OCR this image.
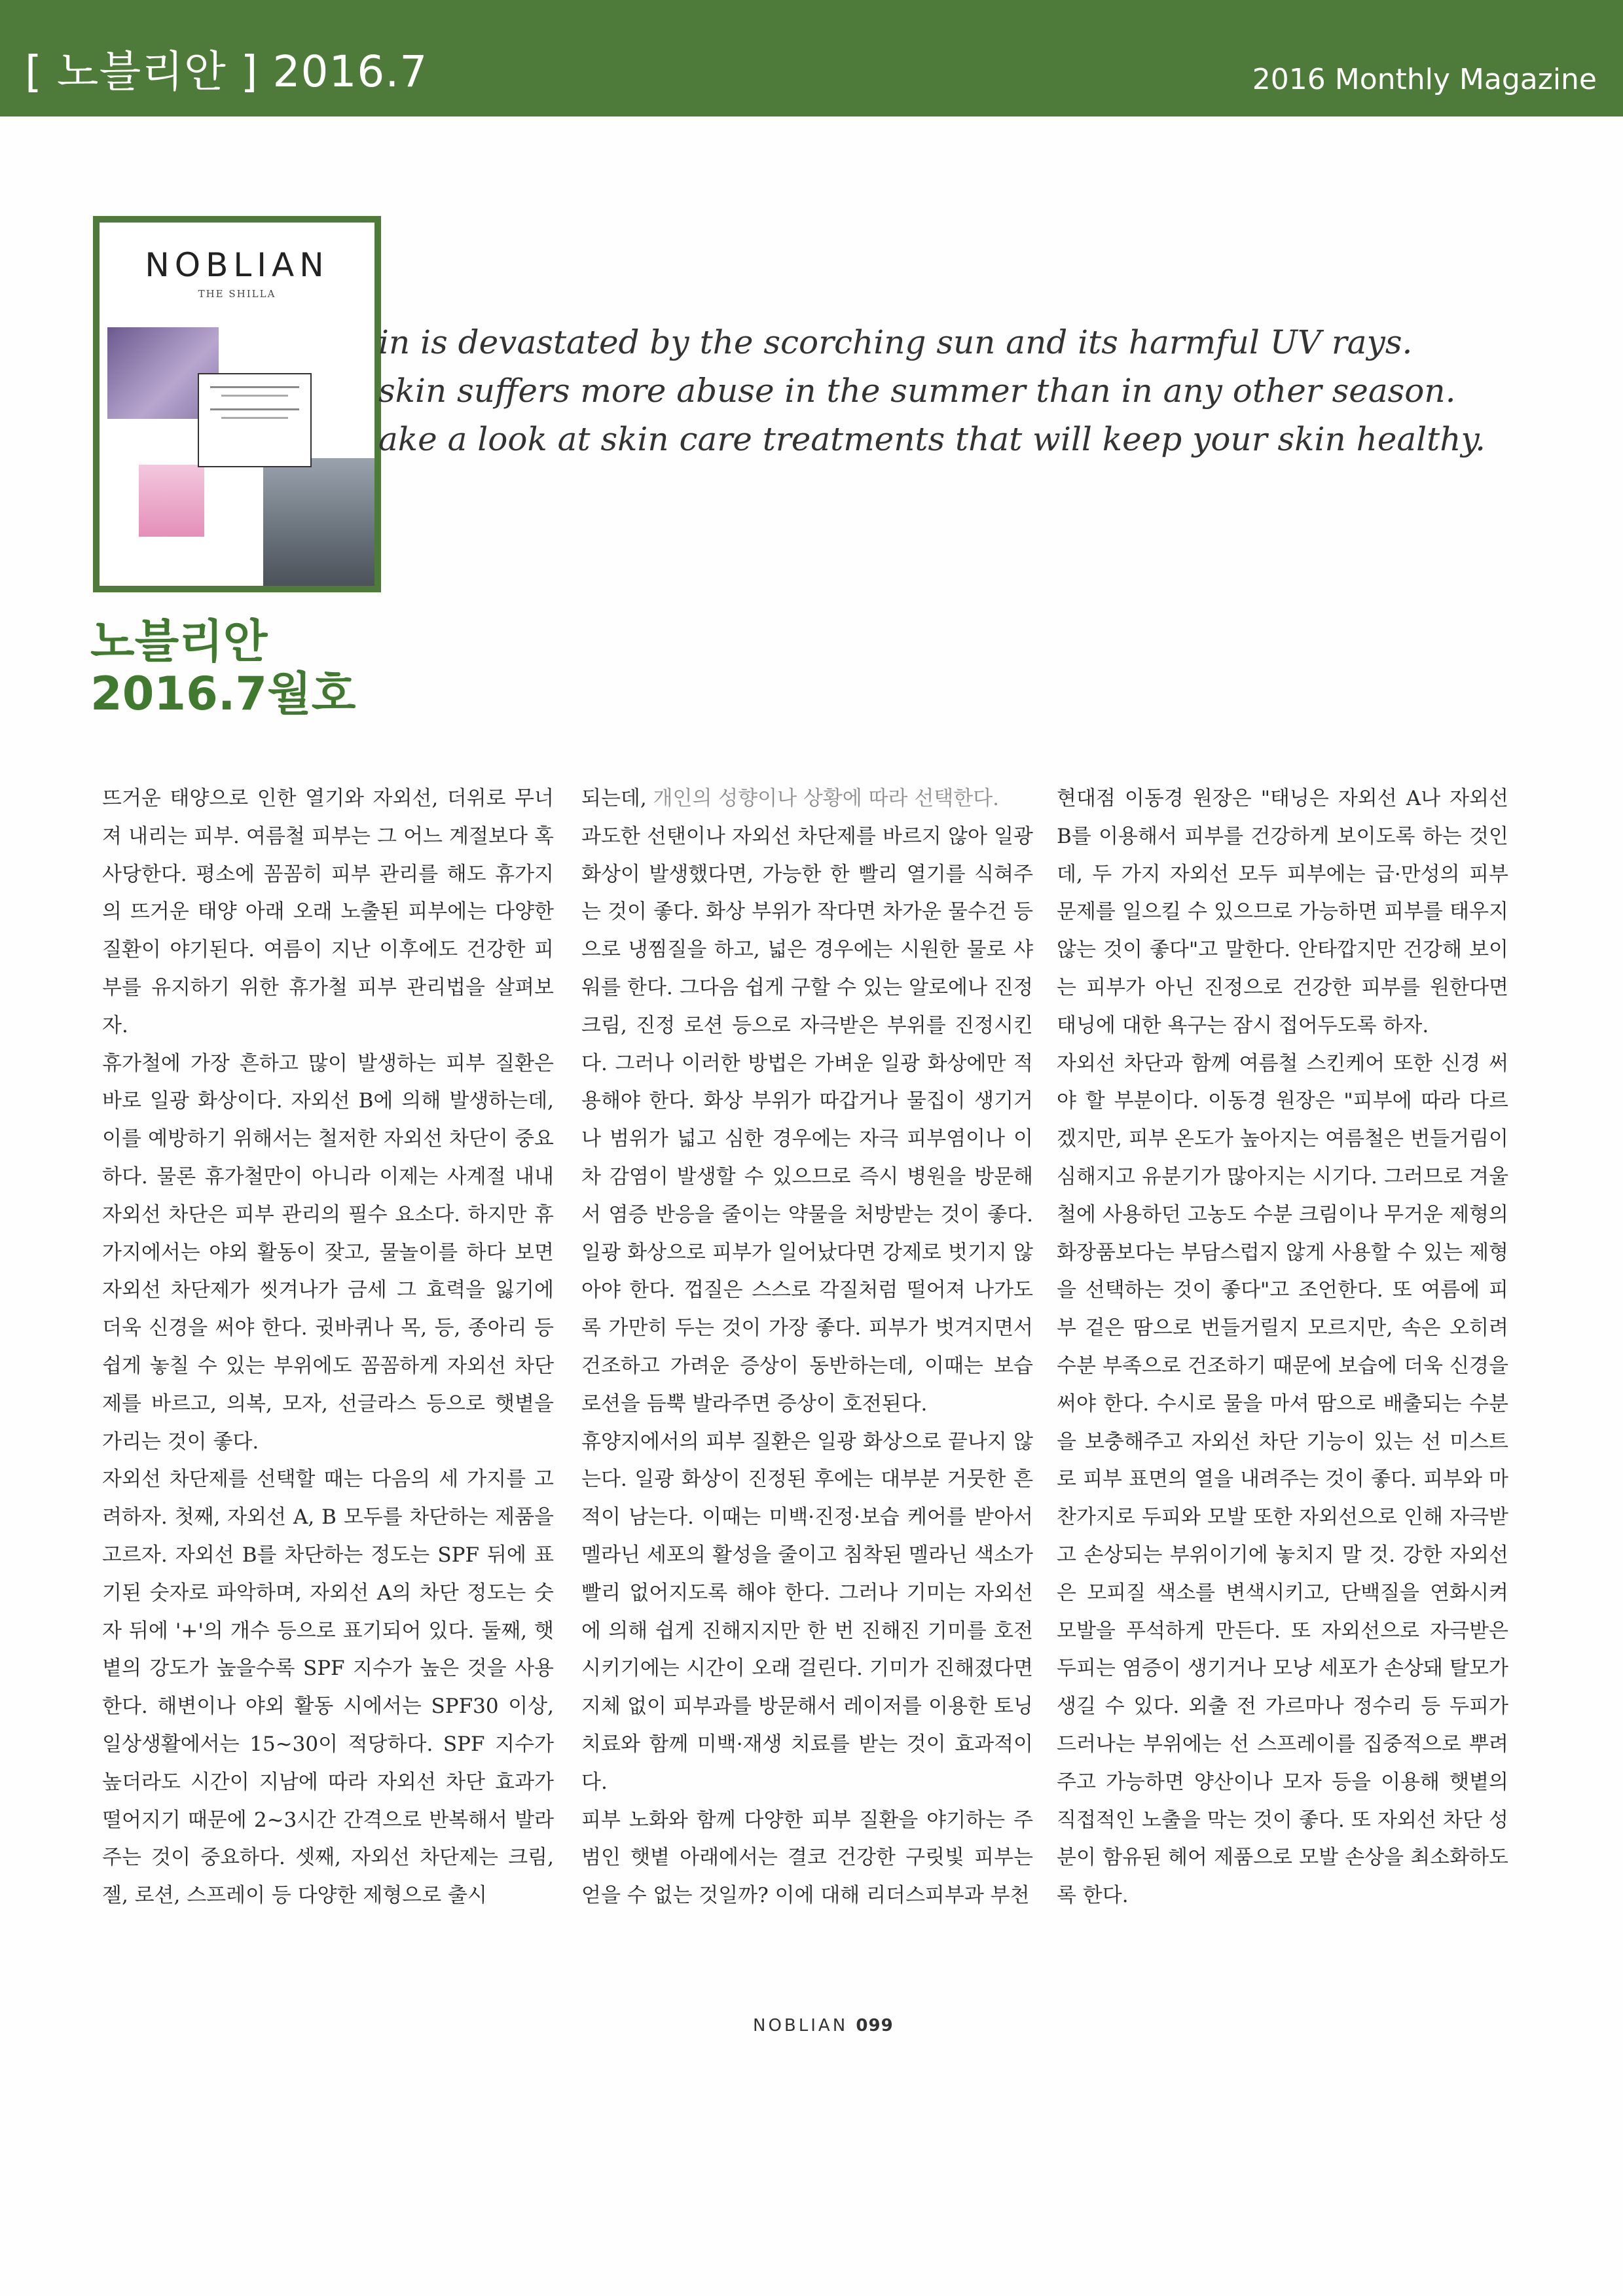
[ 노블리안 ] 2016.7	2016 Monthly Magazine
NOBLIAN
THE SHILLA
in is devastated by the scorching sun and its harmful UV rays.
skin suffers more abuse in the summer than in any other season.
ake a look at skin care treatments that will keep your skin healthy.
노블리안
2016.7월호

뜨거운 태양으로 인한 열기와 자외선, 더위로 무너져 내리는 피부. 여름철 피부는 그 어느 계절보다 혹사당한다. 평소에 꼼꼼히 피부 관리를 해도 휴가지의 뜨거운 태양 아래 오래 노출된 피부에는 다양한 질환이 야기된다. 여름이 지난 이후에도 건강한 피부를 유지하기 위한 휴가철 피부 관리법을 살펴보자.

휴가철에 가장 흔하고 많이 발생하는 피부 질환은 바로 일광 화상이다. 자외선 B에 의해 발생하는데, 이를 예방하기 위해서는 철저한 자외선 차단이 중요하다. 물론 휴가철만이 아니라 이제는 사계절 내내 자외선 차단은 피부 관리의 필수 요소다. 하지만 휴가지에서는 야외 활동이 잦고, 물놀이를 하다 보면 자외선 차단제가 씻겨나가 금세 그 효력을 잃기에 더욱 신경을 써야 한다. 귓바퀴나 목, 등, 종아리 등 쉽게 놓칠 수 있는 부위에도 꼼꼼하게 자외선 차단제를 바르고, 의복, 모자, 선글라스 등으로 햇볕을 가리는 것이 좋다.

자외선 차단제를 선택할 때는 다음의 세 가지를 고려하자. 첫째, 자외선 A, B 모두를 차단하는 제품을 고르자. 자외선 B를 차단하는 정도는 SPF 뒤에 표기된 숫자로 파악하며, 자외선 A의 차단 정도는 숫자 뒤에 '+'의 개수 등으로 표기되어 있다. 둘째, 햇볕의 강도가 높을수록 SPF 지수가 높은 것을 사용한다. 해변이나 야외 활동 시에서는 SPF30 이상, 일상생활에서는 15~30이 적당하다. SPF 지수가 높더라도 시간이 지남에 따라 자외선 차단 효과가 떨어지기 때문에 2~3시간 간격으로 반복해서 발라주는 것이 중요하다. 셋째, 자외선 차단제는 크림, 젤, 로션, 스프레이 등 다양한 제형으로 출시

되는데, 개인의 성향이나 상황에 따라 선택한다.

과도한 선탠이나 자외선 차단제를 바르지 않아 일광 화상이 발생했다면, 가능한 한 빨리 열기를 식혀주는 것이 좋다. 화상 부위가 작다면 차가운 물수건 등으로 냉찜질을 하고, 넓은 경우에는 시원한 물로 샤워를 한다. 그다음 쉽게 구할 수 있는 알로에나 진정 크림, 진정 로션 등으로 자극받은 부위를 진정시킨다. 그러나 이러한 방법은 가벼운 일광 화상에만 적용해야 한다. 화상 부위가 따갑거나 물집이 생기거나 범위가 넓고 심한 경우에는 자극 피부염이나 이차 감염이 발생할 수 있으므로 즉시 병원을 방문해서 염증 반응을 줄이는 약물을 처방받는 것이 좋다. 일광 화상으로 피부가 일어났다면 강제로 벗기지 않아야 한다. 껍질은 스스로 각질처럼 떨어져 나가도록 가만히 두는 것이 가장 좋다. 피부가 벗겨지면서 건조하고 가려운 증상이 동반하는데, 이때는 보습 로션을 듬뿍 발라주면 증상이 호전된다.

휴양지에서의 피부 질환은 일광 화상으로 끝나지 않는다. 일광 화상이 진정된 후에는 대부분 거뭇한 흔적이 남는다. 이때는 미백·진정·보습 케어를 받아서 멜라닌 세포의 활성을 줄이고 침착된 멜라닌 색소가 빨리 없어지도록 해야 한다. 그러나 기미는 자외선에 의해 쉽게 진해지지만 한 번 진해진 기미를 호전시키기에는 시간이 오래 걸린다. 기미가 진해졌다면 지체 없이 피부과를 방문해서 레이저를 이용한 토닝 치료와 함께 미백·재생 치료를 받는 것이 효과적이다.

피부 노화와 함께 다양한 피부 질환을 야기하는 주범인 햇볕 아래에서는 결코 건강한 구릿빛 피부는 얻을 수 없는 것일까? 이에 대해 리더스피부과 부천

현대점 이동경 원장은 "태닝은 자외선 A나 자외선 B를 이용해서 피부를 건강하게 보이도록 하는 것인데, 두 가지 자외선 모두 피부에는 급·만성의 피부 문제를 일으킬 수 있으므로 가능하면 피부를 태우지 않는 것이 좋다"고 말한다. 안타깝지만 건강해 보이는 피부가 아닌 진정으로 건강한 피부를 원한다면 태닝에 대한 욕구는 잠시 접어두도록 하자.

자외선 차단과 함께 여름철 스킨케어 또한 신경 써야 할 부분이다. 이동경 원장은 "피부에 따라 다르겠지만, 피부 온도가 높아지는 여름철은 번들거림이 심해지고 유분기가 많아지는 시기다. 그러므로 겨울철에 사용하던 고농도 수분 크림이나 무거운 제형의 화장품보다는 부담스럽지 않게 사용할 수 있는 제형을 선택하는 것이 좋다"고 조언한다. 또 여름에 피부 겉은 땀으로 번들거릴지 모르지만, 속은 오히려 수분 부족으로 건조하기 때문에 보습에 더욱 신경을 써야 한다. 수시로 물을 마셔 땀으로 배출되는 수분을 보충해주고 자외선 차단 기능이 있는 선 미스트로 피부 표면의 열을 내려주는 것이 좋다. 피부와 마찬가지로 두피와 모발 또한 자외선으로 인해 자극받고 손상되는 부위이기에 놓치지 말 것. 강한 자외선은 모피질 색소를 변색시키고, 단백질을 연화시켜 모발을 푸석하게 만든다. 또 자외선으로 자극받은 두피는 염증이 생기거나 모낭 세포가 손상돼 탈모가 생길 수 있다. 외출 전 가르마나 정수리 등 두피가 드러나는 부위에는 선 스프레이를 집중적으로 뿌려주고 가능하면 양산이나 모자 등을 이용해 햇볕의 직접적인 노출을 막는 것이 좋다. 또 자외선 차단 성분이 함유된 헤어 제품으로 모발 손상을 최소화하도록 한다.

NOBLIAN 099
